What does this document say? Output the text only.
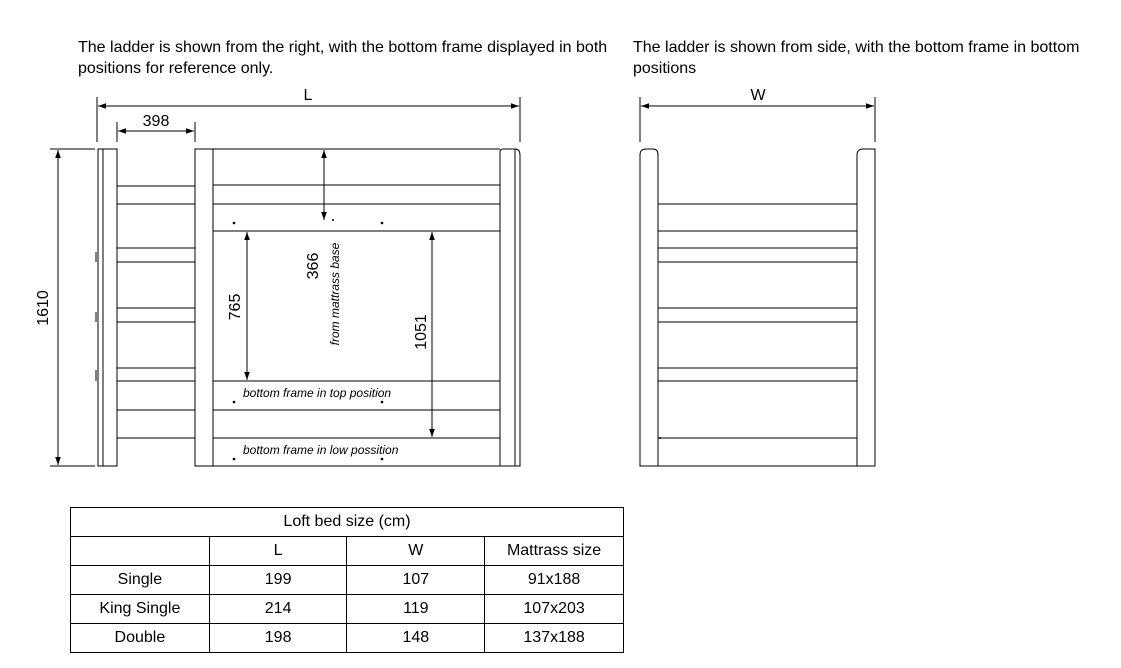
The ladder is shown from the right, with the bottom frame displayed in both positions for reference only.

The ladder is shown from side, with the bottom frame in bottom positions

L
398
1610
366 from mattrass base
765
1051
bottom frame in top position
bottom frame in low possition
W
Loft bed size (cm)			
	L	W	Mattrass size
Single	199	107	91x188
King Single	214	119	107x203
Double	198	148	137x188
